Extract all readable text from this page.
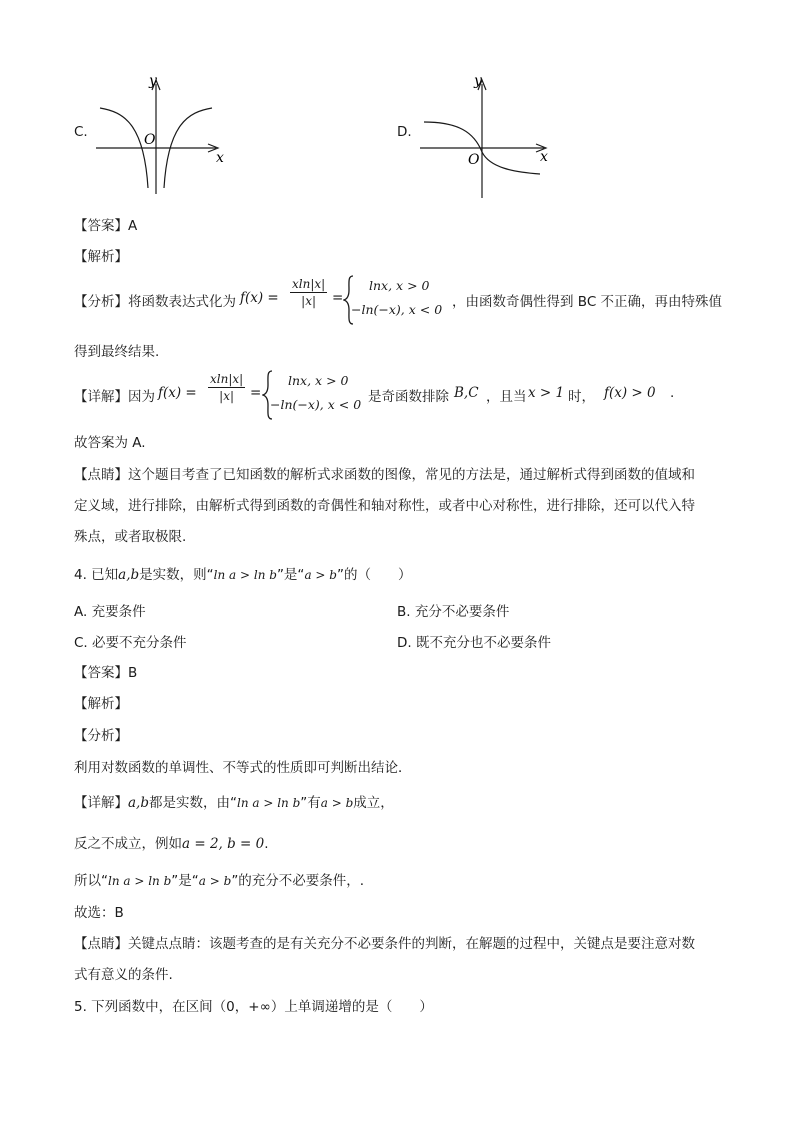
C.
y
x
O	D.
y
x
O
【答案】A
【解析】
【分析】将函数表达式化为 $f(x) = \frac{xln|x|}{|x|}$ =
lnx, x > 0
−ln(−x), x < 0 ，由函数奇偶性得到 BC 不正确，再由特殊值
得到最终结果.
【详解】因为 $f(x) = \frac{xln|x|}{|x|}$ =
lnx, x > 0
−ln(−x), x < 0 是奇函数排除 B,C ，且当 x > 1 时， f(x) > 0 .
故答案为 A.
【点睛】这个题目考查了已知函数的解析式求函数的图像，常见的方法是，通过解析式得到函数的值域和
定义域，进行排除，由解析式得到函数的奇偶性和轴对称性，或者中心对称性，进行排除，还可以代入特
殊点，或者取极限.
4. 已知a,b是实数，则“ln a > ln b”是“a > b”的（　　）
A. 充要条件	B. 充分不必要条件
C. 必要不充分条件	D. 既不充分也不必要条件
【答案】B
【解析】
【分析】
利用对数函数的单调性、不等式的性质即可判断出结论．
【详解】a,b都是实数，由“ln a > ln b”有a > b成立，
反之不成立，例如a = 2, b = 0.
所以“ln a > ln b”是“a > b”的充分不必要条件，.
故选：B
【点睛】关键点点睛：该题考查的是有关充分不必要条件的判断，在解题的过程中，关键点是要注意对数
式有意义的条件.
5. 下列函数中，在区间（0，+∞）上单调递增的是（　　）
